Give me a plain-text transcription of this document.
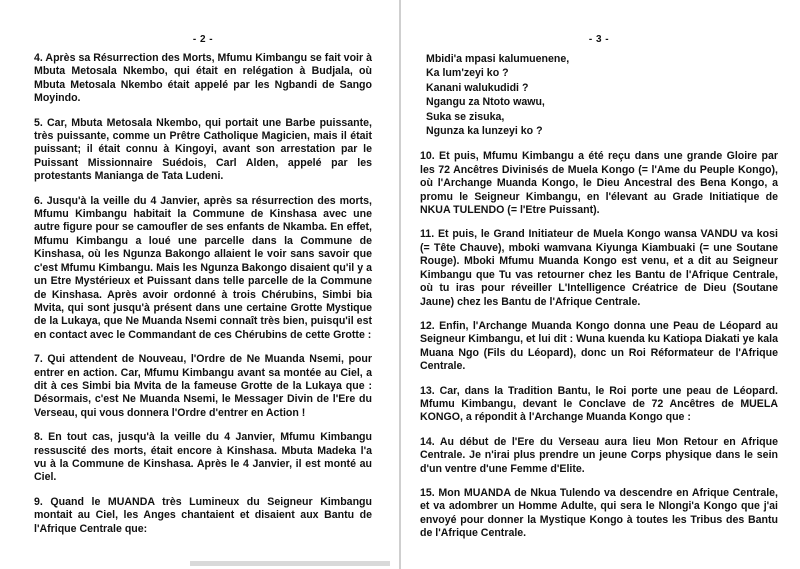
- 2 -

4. Après sa Résurrection des Morts, Mfumu Kimbangu se fait voir à Mbuta Metosala Nkembo, qui était en relégation à Budjala, où Mbuta Metosala Nkembo était appelé par les Ngbandi de Sango Moyindo.

5. Car, Mbuta Metosala Nkembo, qui portait une Barbe puissante, très puissante, comme un Prêtre Catholique Magicien, mais il était puissant; il était connu à Kingoyi, avant son arrestation par le Puissant Missionnaire Suédois, Carl Alden, appelé par les protestants Manianga de Tata Ludeni.

6. Jusqu'à la veille du 4 Janvier, après sa résurrection des morts, Mfumu Kimbangu habitait la Commune de Kinshasa avec une autre figure pour se camoufler de ses enfants de Nkamba. En effet, Mfumu Kimbangu a loué une parcelle dans la Commune de Kinshasa, où les Ngunza Bakongo allaient le voir sans savoir que c'est Mfumu Kimbangu. Mais les Ngunza Bakongo disaient qu'il y a un Etre Mystérieux et Puissant dans telle parcelle de la Commune de Kinshasa. Après avoir ordonné à trois Chérubins, Simbi bia Mvita, qui sont jusqu'à présent dans une certaine Grotte Mystique de la Lukaya, que Ne Muanda Nsemi connaît très bien, puisqu'il est en contact avec le Commandant de ces Chérubins de cette Grotte :

7. Qui attendent de Nouveau, l'Ordre de Ne Muanda Nsemi, pour entrer en action. Car, Mfumu Kimbangu avant sa montée au Ciel, a dit à ces Simbi bia Mvita de la fameuse Grotte de la Lukaya que : Désormais, c'est Ne Muanda Nsemi, le Messager Divin de l'Ere du Verseau, qui vous donnera l'Ordre d'entrer en Action !

8. En tout cas, jusqu'à la veille du 4 Janvier, Mfumu Kimbangu ressuscité des morts, était encore à Kinshasa. Mbuta Madeka l'a vu à la Commune de Kinshasa. Après le 4 Janvier, il est monté au Ciel.

9. Quand le MUANDA très Lumineux du Seigneur Kimbangu montait au Ciel, les Anges chantaient et disaient aux Bantu de l'Afrique Centrale que:

- 3 -
Mbidi'a mpasi kalumuenene,
Ka lum'zeyi ko ?
Kanani walukudidi ?
Ngangu za Ntoto wawu,
Suka se zisuka,
Ngunza ka lunzeyi ko ?

10. Et puis, Mfumu Kimbangu a été reçu dans une grande Gloire par les 72 Ancêtres Divinisés de Muela Kongo (= l'Ame du Peuple Kongo), où l'Archange Muanda Kongo, le Dieu Ancestral des Bena Kongo, a promu le Seigneur Kimbangu, en l'élevant au Grade Initiatique de NKUA TULENDO (= l'Etre Puissant).

11. Et puis, le Grand Initiateur de Muela Kongo wansa VANDU va kosi (= Tête Chauve), mboki wamvana Kiyunga Kiambuaki (= une Soutane Rouge). Mboki Mfumu Muanda Kongo est venu, et a dit au Seigneur Kimbangu que Tu vas retourner chez les Bantu de l'Afrique Centrale, où tu iras pour réveiller L'Intelligence Créatrice de Dieu (Soutane Jaune) chez les Bantu de l'Afrique Centrale.

12. Enfin, l'Archange Muanda Kongo donna une Peau de Léopard au Seigneur Kimbangu, et lui dit : Wuna kuenda ku Katiopa Diakati ye kala Muana Ngo (Fils du Léopard), donc un Roi Réformateur de l'Afrique Centrale.

13. Car, dans la Tradition Bantu, le Roi porte une peau de Léopard. Mfumu Kimbangu, devant le Conclave de 72 Ancêtres de MUELA KONGO, a répondit à l'Archange Muanda Kongo que :

14. Au début de l'Ere du Verseau aura lieu Mon Retour en Afrique Centrale. Je n'irai plus prendre un jeune Corps physique dans le sein d'un ventre d'une Femme d'Elite.

15. Mon MUANDA de Nkua Tulendo va descendre en Afrique Centrale, et va adombrer un Homme Adulte, qui sera le Nlongi'a Kongo que j'ai envoyé pour donner la Mystique Kongo à toutes les Tribus des Bantu de l'Afrique Centrale.
